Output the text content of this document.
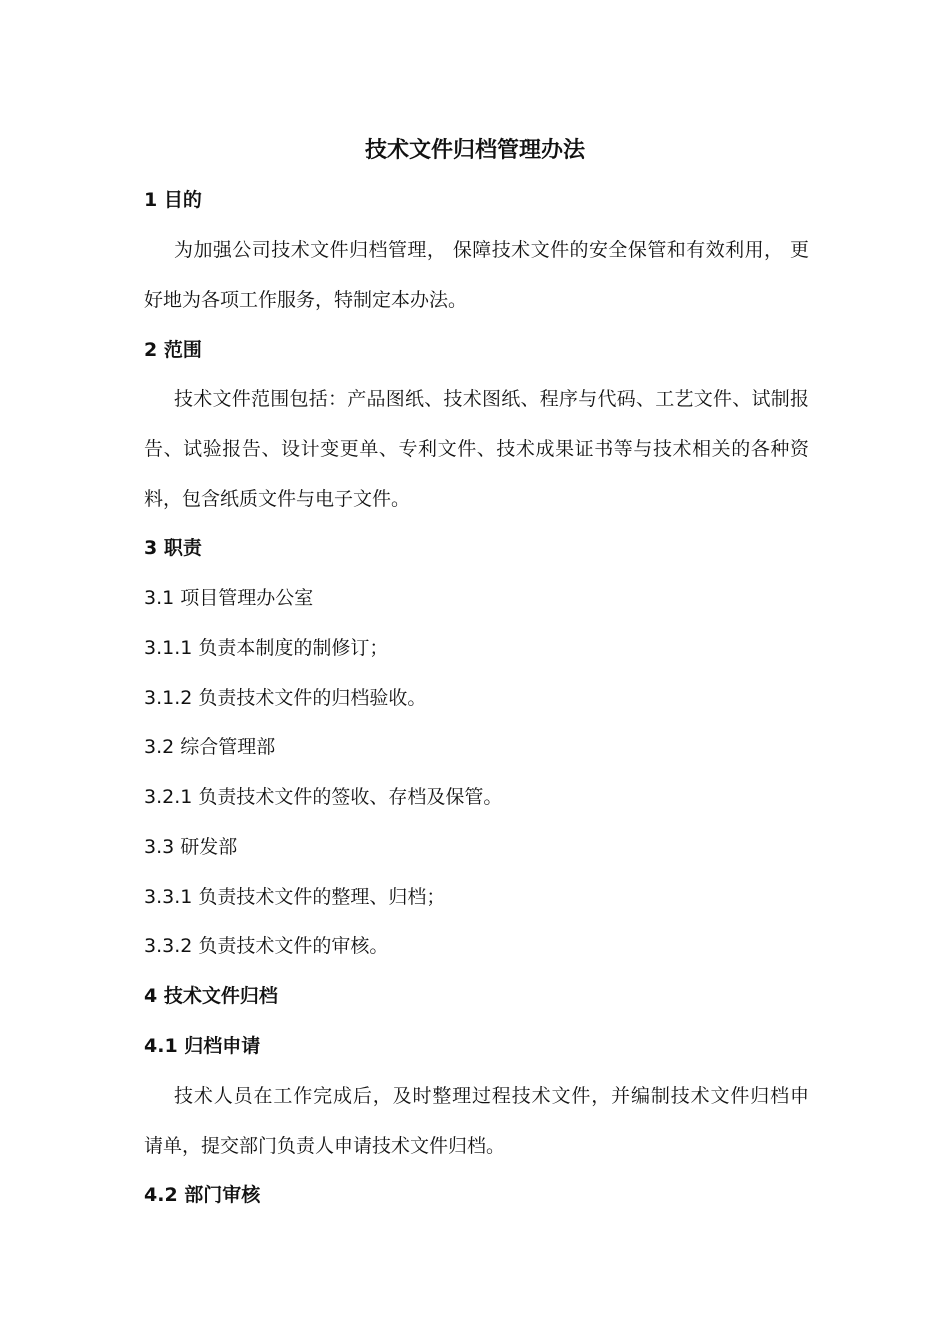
技术文件归档管理办法
1 目的
为加强公司技术文件归档管理， 保障技术文件的安全保管和有效利用， 更
好地为各项工作服务，特制定本办法。
2 范围
技术文件范围包括：产品图纸、技术图纸、程序与代码、工艺文件、试制报
告、试验报告、设计变更单、专利文件、技术成果证书等与技术相关的各种资
料，包含纸质文件与电子文件。
3 职责
3.1 项目管理办公室
3.1.1 负责本制度的制修订；
3.1.2 负责技术文件的归档验收。
3.2 综合管理部
3.2.1 负责技术文件的签收、存档及保管。
3.3 研发部
3.3.1 负责技术文件的整理、归档；
3.3.2 负责技术文件的审核。
4 技术文件归档
4.1 归档申请
技术人员在工作完成后，及时整理过程技术文件，并编制技术文件归档申
请单，提交部门负责人申请技术文件归档。
4.2 部门审核
